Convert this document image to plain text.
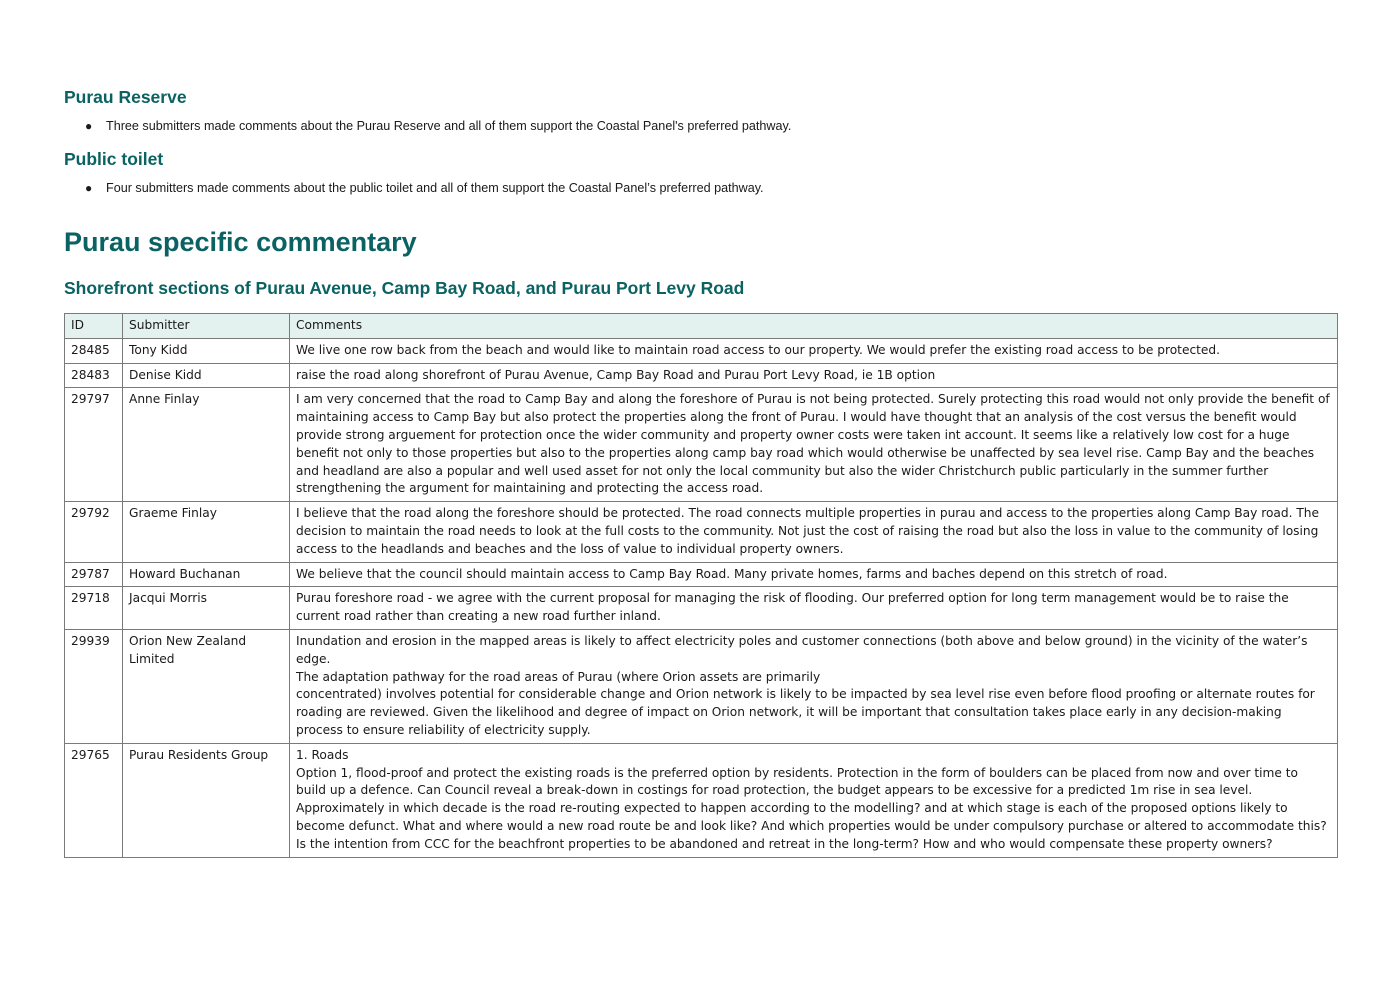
Purau Reserve
● Three submitters made comments about the Purau Reserve and all of them support the Coastal Panel's preferred pathway.
Public toilet
● Four submitters made comments about the public toilet and all of them support the Coastal Panel’s preferred pathway.
Purau specific commentary
Shorefront sections of Purau Avenue, Camp Bay Road, and Purau Port Levy Road
ID	Submitter	Comments
28485	Tony Kidd	We live one row back from the beach and would like to maintain road access to our property. We would prefer the existing road access to be protected.

28483	Denise Kidd	raise the road along shorefront of Purau Avenue, Camp Bay Road and Purau Port Levy Road, ie 1B option

29797	Anne Finlay	I am very concerned that the road to Camp Bay and along the foreshore of Purau is not being protected. Surely protecting this road would not only provide the benefit of maintaining access to Camp Bay but also protect the properties along the front of Purau. I would have thought that an analysis of the cost versus the benefit would provide strong arguement for protection once the wider community and property owner costs were taken int account. It seems like a relatively low cost for a huge benefit not only to those properties but also to the properties along camp bay road which would otherwise be unaffected by sea level rise. Camp Bay and the beaches and headland are also a popular and well used asset for not only the local community but also the wider Christchurch public particularly in the summer further strengthening the argument for maintaining and protecting the access road.

29792	Graeme Finlay	I believe that the road along the foreshore should be protected. The road connects multiple properties in purau and access to the properties along Camp Bay road. The decision to maintain the road needs to look at the full costs to the community. Not just the cost of raising the road but also the loss in value to the community of losing access to the headlands and beaches and the loss of value to individual property owners.

29787	Howard Buchanan	We believe that the council should maintain access to Camp Bay Road. Many private homes, farms and baches depend on this stretch of road.

29718	Jacqui Morris	Purau foreshore road - we agree with the current proposal for managing the risk of flooding. Our preferred option for long term management would be to raise the current road rather than creating a new road further inland.

29939	Orion New Zealand Limited	Inundation and erosion in the mapped areas is likely to affect electricity poles and customer connections (both above and below ground) in the vicinity of the water’s edge.
The adaptation pathway for the road areas of Purau (where Orion assets are primarily
concentrated) involves potential for considerable change and Orion network is likely to be impacted by sea level rise even before flood proofing or alternate routes for roading are reviewed. Given the likelihood and degree of impact on Orion network, it will be important that consultation takes place early in any decision-making process to ensure reliability of electricity supply.

29765	Purau Residents Group	1. Roads
Option 1, flood-proof and protect the existing roads is the preferred option by residents. Protection in the form of boulders can be placed from now and over time to build up a defence. Can Council reveal a break-down in costings for road protection, the budget appears to be excessive for a predicted 1m rise in sea level.
Approximately in which decade is the road re-routing expected to happen according to the modelling? and at which stage is each of the proposed options likely to become defunct. What and where would a new road route be and look like? And which properties would be under compulsory purchase or altered to accommodate this?
Is the intention from CCC for the beachfront properties to be abandoned and retreat in the long-term? How and who would compensate these property owners?
